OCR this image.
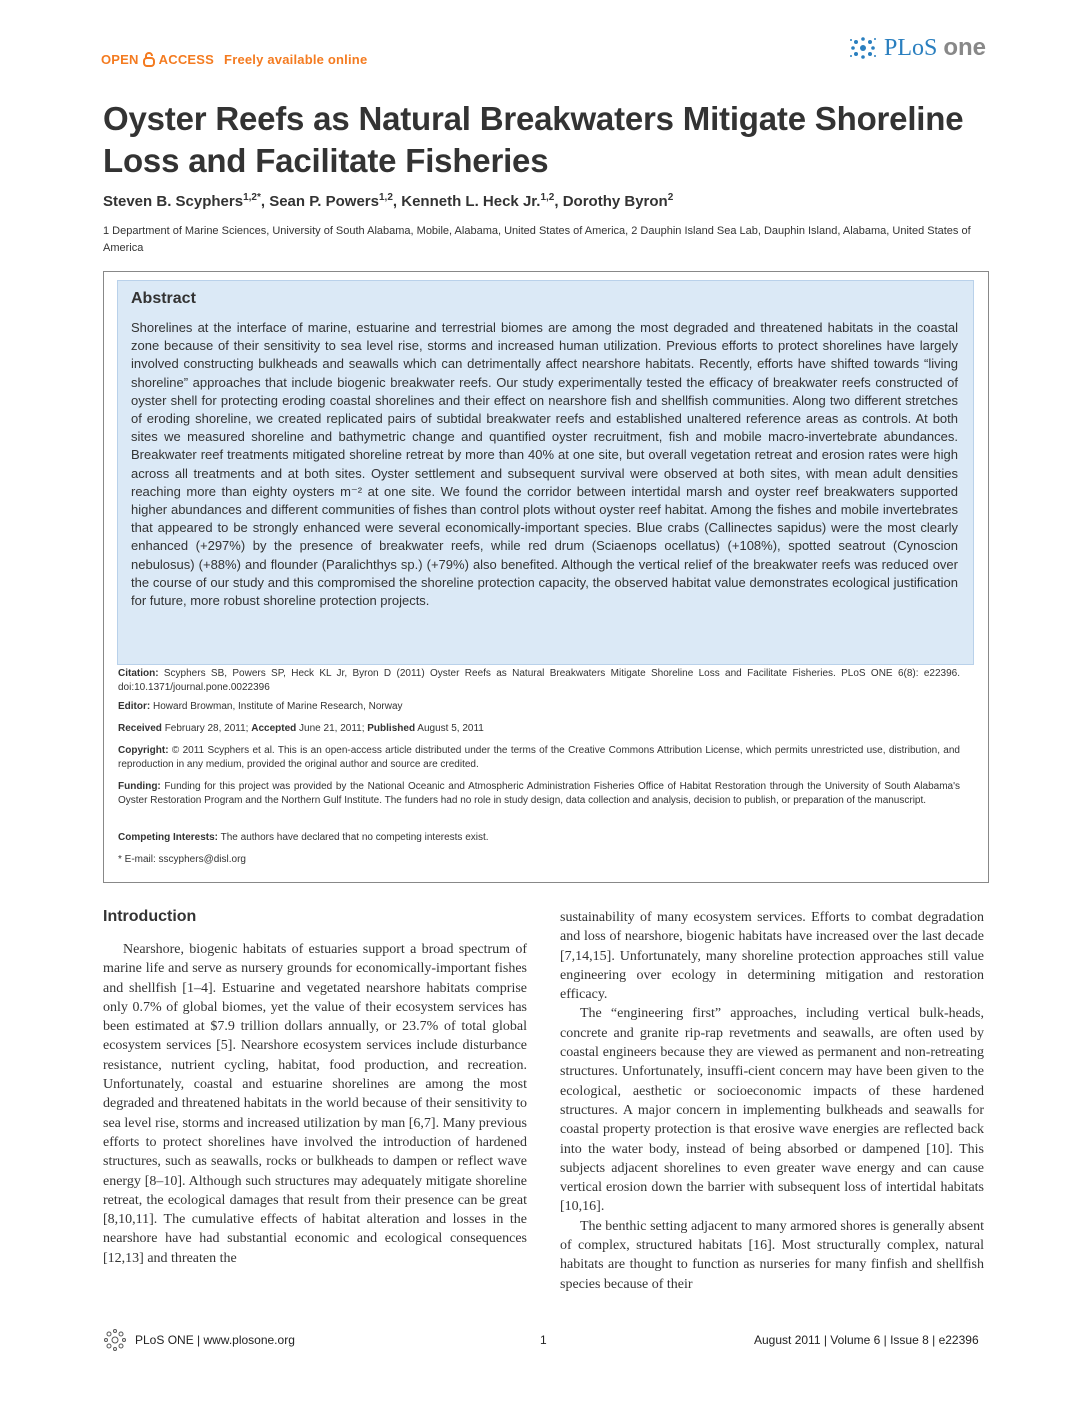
OPEN ACCESS Freely available online	PLoS one
Oyster Reefs as Natural Breakwaters Mitigate Shoreline Loss and Facilitate Fisheries
Steven B. Scyphers$^{1,2*}$, Sean P. Powers$^{1,2}$, Kenneth L. Heck Jr.$^{1,2}$, Dorothy Byron$^2$
1 Department of Marine Sciences, University of South Alabama, Mobile, Alabama, United States of America, 2 Dauphin Island Sea Lab, Dauphin Island, Alabama, United States of America
Abstract
Shorelines at the interface of marine, estuarine and terrestrial biomes are among the most degraded and threatened habitats in the coastal zone because of their sensitivity to sea level rise, storms and increased human utilization. Previous efforts to protect shorelines have largely involved constructing bulkheads and seawalls which can detrimentally affect nearshore habitats. Recently, efforts have shifted towards “living shoreline” approaches that include biogenic breakwater reefs. Our study experimentally tested the efficacy of breakwater reefs constructed of oyster shell for protecting eroding coastal shorelines and their effect on nearshore fish and shellfish communities. Along two different stretches of eroding shoreline, we created replicated pairs of subtidal breakwater reefs and established unaltered reference areas as controls. At both sites we measured shoreline and bathymetric change and quantified oyster recruitment, fish and mobile macro-invertebrate abundances. Breakwater reef treatments mitigated shoreline retreat by more than 40% at one site, but overall vegetation retreat and erosion rates were high across all treatments and at both sites. Oyster settlement and subsequent survival were observed at both sites, with mean adult densities reaching more than eighty oysters m⁻² at one site. We found the corridor between intertidal marsh and oyster reef breakwaters supported higher abundances and different communities of fishes than control plots without oyster reef habitat. Among the fishes and mobile invertebrates that appeared to be strongly enhanced were several economically-important species. Blue crabs (Callinectes sapidus) were the most clearly enhanced (+297%) by the presence of breakwater reefs, while red drum (Sciaenops ocellatus) (+108%), spotted seatrout (Cynoscion nebulosus) (+88%) and flounder (Paralichthys sp.) (+79%) also benefited. Although the vertical relief of the breakwater reefs was reduced over the course of our study and this compromised the shoreline protection capacity, the observed habitat value demonstrates ecological justification for future, more robust shoreline protection projects.
Citation: Scyphers SB, Powers SP, Heck KL Jr, Byron D (2011) Oyster Reefs as Natural Breakwaters Mitigate Shoreline Loss and Facilitate Fisheries. PLoS ONE 6(8): e22396. doi:10.1371/journal.pone.0022396
Editor: Howard Browman, Institute of Marine Research, Norway
Received February 28, 2011; Accepted June 21, 2011; Published August 5, 2011
Copyright: © 2011 Scyphers et al. This is an open-access article distributed under the terms of the Creative Commons Attribution License, which permits unrestricted use, distribution, and reproduction in any medium, provided the original author and source are credited.
Funding: Funding for this project was provided by the National Oceanic and Atmospheric Administration Fisheries Office of Habitat Restoration through the University of South Alabama's Oyster Restoration Program and the Northern Gulf Institute. The funders had no role in study design, data collection and analysis, decision to publish, or preparation of the manuscript.
Competing Interests: The authors have declared that no competing interests exist.
* E-mail: sscyphers@disl.org
Introduction

Nearshore, biogenic habitats of estuaries support a broad spectrum of marine life and serve as nursery grounds for economically-important fishes and shellfish [1–4]. Estuarine and vegetated nearshore habitats comprise only 0.7% of global biomes, yet the value of their ecosystem services has been estimated at $7.9 trillion dollars annually, or 23.7% of total global ecosystem services [5]. Nearshore ecosystem services include disturbance resistance, nutrient cycling, habitat, food production, and recreation. Unfortunately, coastal and estuarine shorelines are among the most degraded and threatened habitats in the world because of their sensitivity to sea level rise, storms and increased utilization by man [6,7]. Many previous efforts to protect shorelines have involved the introduction of hardened structures, such as seawalls, rocks or bulkheads to dampen or reflect wave energy [8–10]. Although such structures may adequately mitigate shoreline retreat, the ecological damages that result from their presence can be great [8,10,11]. The cumulative effects of habitat alteration and losses in the nearshore have had substantial economic and ecological consequences [12,13] and threaten the

sustainability of many ecosystem services. Efforts to combat degradation and loss of nearshore, biogenic habitats have increased over the last decade [7,14,15]. Unfortunately, many shoreline protection approaches still value engineering over ecology in determining mitigation and restoration efficacy.

The “engineering first” approaches, including vertical bulk-heads, concrete and granite rip-rap revetments and seawalls, are often used by coastal engineers because they are viewed as permanent and non-retreating structures. Unfortunately, insuffi-cient concern may have been given to the ecological, aesthetic or socioeconomic impacts of these hardened structures. A major concern in implementing bulkheads and seawalls for coastal property protection is that erosive wave energies are reflected back into the water body, instead of being absorbed or dampened [10]. This subjects adjacent shorelines to even greater wave energy and can cause vertical erosion down the barrier with subsequent loss of intertidal habitats [10,16].

The benthic setting adjacent to many armored shores is generally absent of complex, structured habitats [16]. Most structurally complex, natural habitats are thought to function as nurseries for many finfish and shellfish species because of their

PLoS ONE | www.plosone.org	1	August 2011 | Volume 6 | Issue 8 | e22396
